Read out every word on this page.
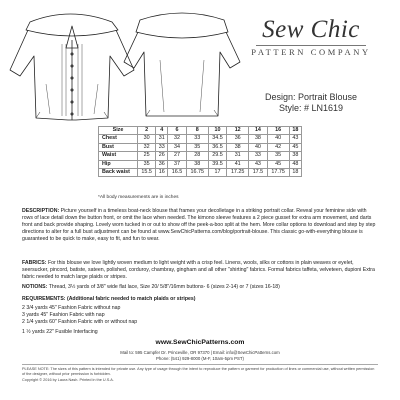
Sew Chic
PATTERN COMPANY
Design: Portrait Blouse
Style: # LN1619
Size	2	4	6	8	10	12	14	16	18
Chest	30	31	32	33	34.5	36	38	40	43
Bust	32	33	34	35	36.5	38	40	42	45
Waist	25	26	27	28	29.5	31	33	35	38
Hip	35	36	37	38	39.5	41	43	45	48
Back waist	15.5	16	16.5	16.75	17	17.25	17.5	17.75	18
*All body measurements are in inches
DESCRIPTION: Picture yourself in a timeless boat-neck blouse that frames your decolletage in a striking portrait collar. Reveal your feminine side with rows of lace detail down the button front, or omit the lace when needed. The kimono sleeve features a 2 piece gusset for extra arm movement, and darts front and back provide shaping. Lovely worn tucked in or out to show off the peek-a-boo split at the hem. More collar options to download and step by step directions to alter for a full bust adjustment can be found at www.SewChicPatterns.com/blog/portrait-blouse. This classic go-with-everything blouse is guaranteed to be quick to make, easy to fit, and fun to wear.
FABRICS: For this blouse we love lightly woven medium to light weight with a crisp feel. Linens, wools, silks or cottons in plain weaves or eyelet, seersucker, pincord, batiste, sateen, polished, corduroy, chambray, gingham and all other "shirting" fabrics. Formal fabrics taffeta, velveteen, dupioni Extra fabric needed to match large plaids or stripes.
NOTIONS: Thread, 3½ yards of 3/8" wide flat lace, Size 20/ 5/8"/16mm buttons- 6 (sizes 2-14) or 7 (sizes 16-18)
REQUIREMENTS: (Additional fabric needed to match plaids or stripes)
2 3/4 yards 45" Fashion Fabric without nap
3 yards 45" Fashion Fabric with nap
2 1/4 yards 60" Fashion Fabric with or without nap
1 ½ yards 22" Fusible Interfacing
www.SewChicPatterns.com
Mail to: 595 Campfer Dr. Princeville, OR 97370 | Email: info@SewChicPatterns.com
Phone: (541) 929-8000 (M-F, 10am-5pm PST)
PLEASE NOTE: The sizes of this pattern is intended for private use. Any type of usage through the intent to reproduce the pattern or garment for production of lines or commercial use, without written permission of the designer, without prior permission is forbidden.
Copyright © 2016 by Laura Nash. Printed in the U.S.A.
